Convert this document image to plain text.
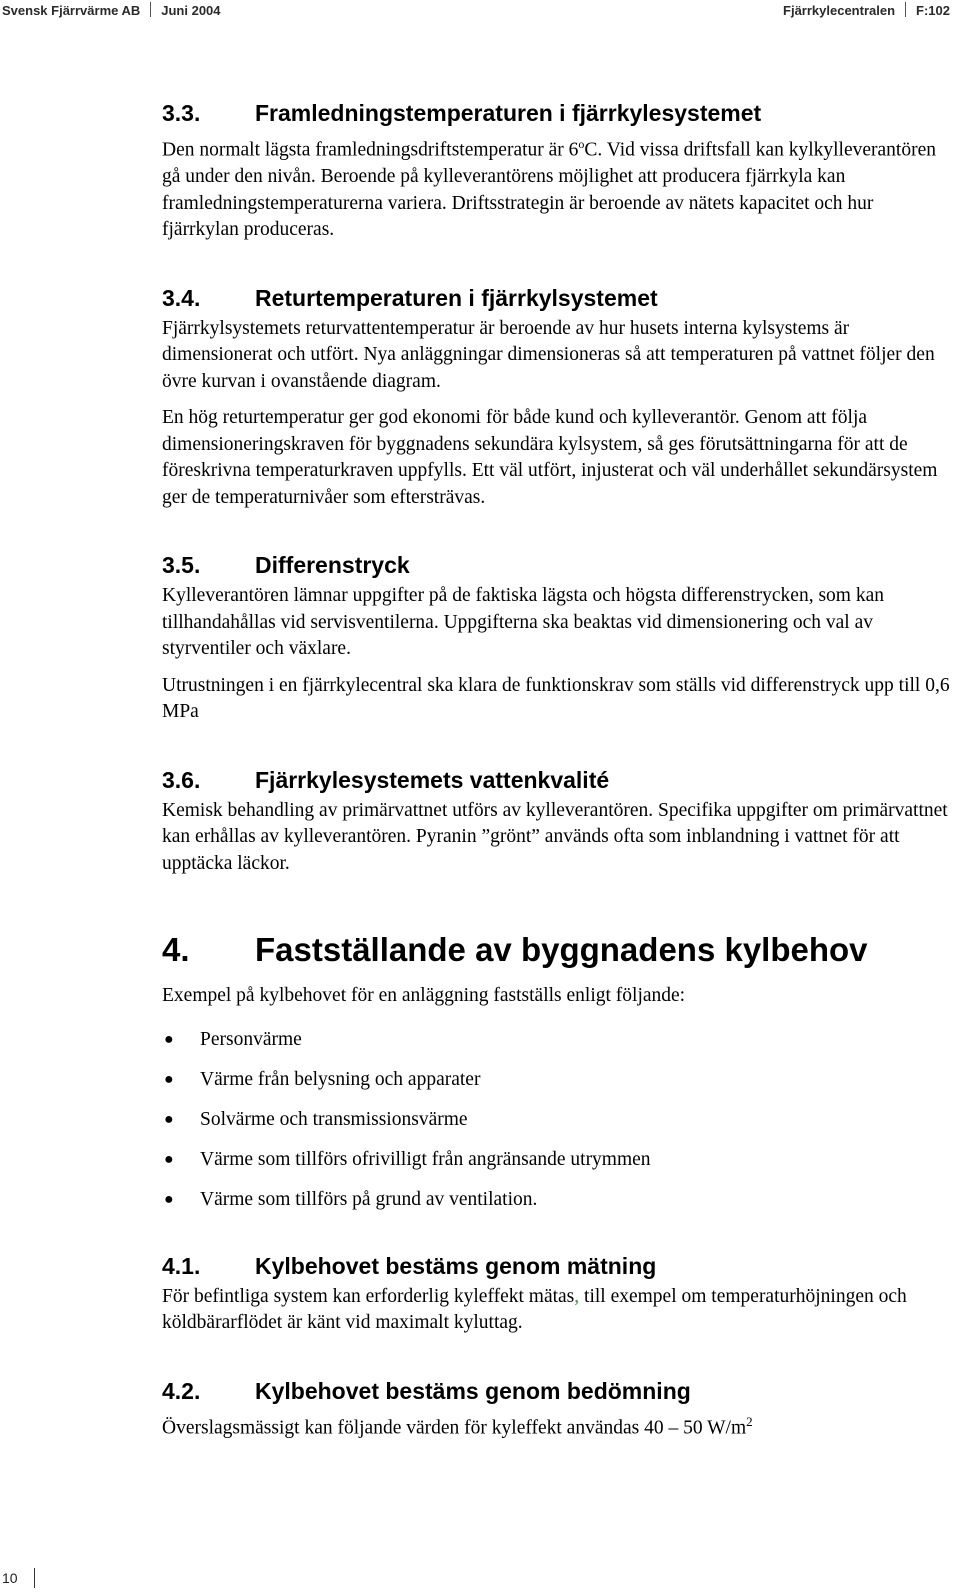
Svensk Fjärrvärme AB Juni 2004	Fjärrkylecentralen F:102
3.3.	Framledningstemperaturen i fjärrkylesystemet

Den normalt lägsta framledningsdriftstemperatur är 6$^o$C. Vid vissa driftsfall kan kylkylleverantören gå under den nivån. Beroende på kylleverantörens möjlighet att producera fjärrkyla kan framledningstemperaturerna variera. Driftsstrategin är beroende av nätets kapacitet och hur fjärrkylan produceras.

3.4.	Returtemperaturen i fjärrkylsystemet

Fjärrkylsystemets returvattentemperatur är beroende av hur husets interna kylsystems är dimensionerat och utfört. Nya anläggningar dimensioneras så att temperaturen på vattnet följer den övre kurvan i ovanstående diagram.

En hög returtemperatur ger god ekonomi för både kund och kylleverantör. Genom att följa dimensioneringskraven för byggnadens sekundära kylsystem, så ges förutsättningarna för att de föreskrivna temperaturkraven uppfylls. Ett väl utfört, injusterat och väl underhållet sekundärsystem ger de temperaturnivåer som eftersträvas.

3.5.	Differenstryck

Kylleverantören lämnar uppgifter på de faktiska lägsta och högsta differenstrycken, som kan tillhandahållas vid servisventilerna. Uppgifterna ska beaktas vid dimensionering och val av styrventiler och växlare.

Utrustningen i en fjärrkylecentral ska klara de funktionskrav som ställs vid differenstryck upp till 0,6 MPa

3.6.	Fjärrkylesystemets vattenkvalité

Kemisk behandling av primärvattnet utförs av kylleverantören. Specifika uppgifter om primärvattnet kan erhållas av kylleverantören. Pyranin ”grönt” används ofta som inblandning i vattnet för att upptäcka läckor.

4.	Fastställande av byggnadens kylbehov

Exempel på kylbehovet för en anläggning fastställs enligt följande:

●	Personvärme
●	Värme från belysning och apparater
●	Solvärme och transmissionsvärme
●	Värme som tillförs ofrivilligt från angränsande utrymmen
●	Värme som tillförs på grund av ventilation.
4.1.	Kylbehovet bestäms genom mätning

För befintliga system kan erforderlig kyleffekt mätas, till exempel om temperaturhöjningen och köldbärarflödet är känt vid maximalt kyluttag.

4.2.	Kylbehovet bestäms genom bedömning

Överslagsmässigt kan följande värden för kyleffekt användas 40 – 50 $W/m^2$

10
